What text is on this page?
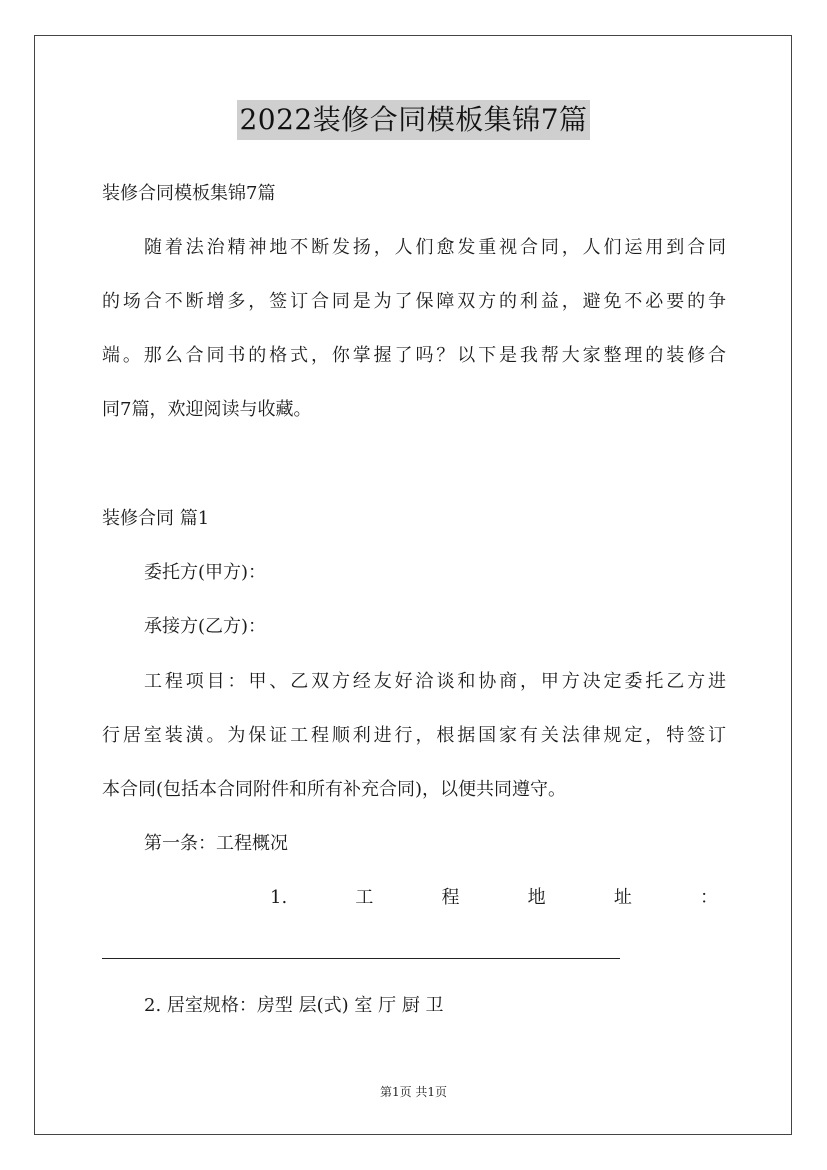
2022装修合同模板集锦7篇
装修合同模板集锦7篇
随着法治精神地不断发扬，人们愈发重视合同，人们运用到合同
的场合不断增多，签订合同是为了保障双方的利益，避免不必要的争
端。那么合同书的格式，你掌握了吗？以下是我帮大家整理的装修合
同7篇，欢迎阅读与收藏。
装修合同 篇1
委托方(甲方)：
承接方(乙方)：
工程项目：甲、乙双方经友好洽谈和协商，甲方决定委托乙方进
行居室装潢。为保证工程顺利进行，根据国家有关法律规定，特签订
本合同(包括本合同附件和所有补充合同)，以便共同遵守。
第一条：工程概况
1.	工	程	地	址	：
2. 居室规格：房型 层(式) 室 厅 厨 卫
第1页 共1页
